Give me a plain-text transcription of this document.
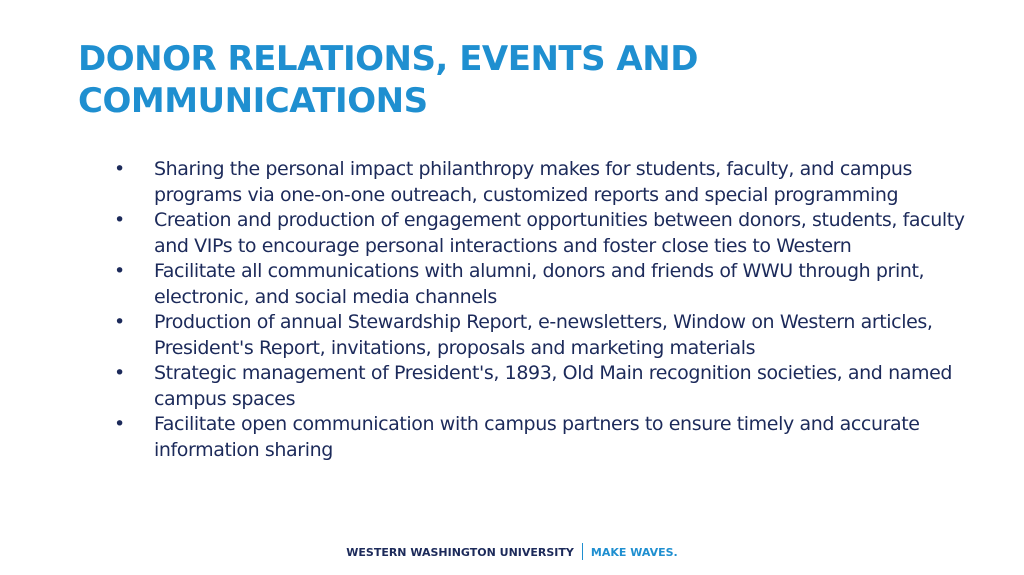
DONOR RELATIONS, EVENTS AND
COMMUNICATIONS
• Sharing the personal impact philanthropy makes for students, faculty, and campus programs via one-on-one outreach, customized reports and special programming
• Creation and production of engagement opportunities between donors, students, faculty and VIPs to encourage personal interactions and foster close ties to Western
• Facilitate all communications with alumni, donors and friends of WWU through print, electronic, and social media channels
• Production of annual Stewardship Report, e-newsletters, Window on Western articles, President's Report, invitations, proposals and marketing materials
• Strategic management of President's, 1893, Old Main recognition societies, and named campus spaces
• Facilitate open communication with campus partners to ensure timely and accurate information sharing
WESTERN WASHINGTON UNIVERSITY MAKE WAVES.
